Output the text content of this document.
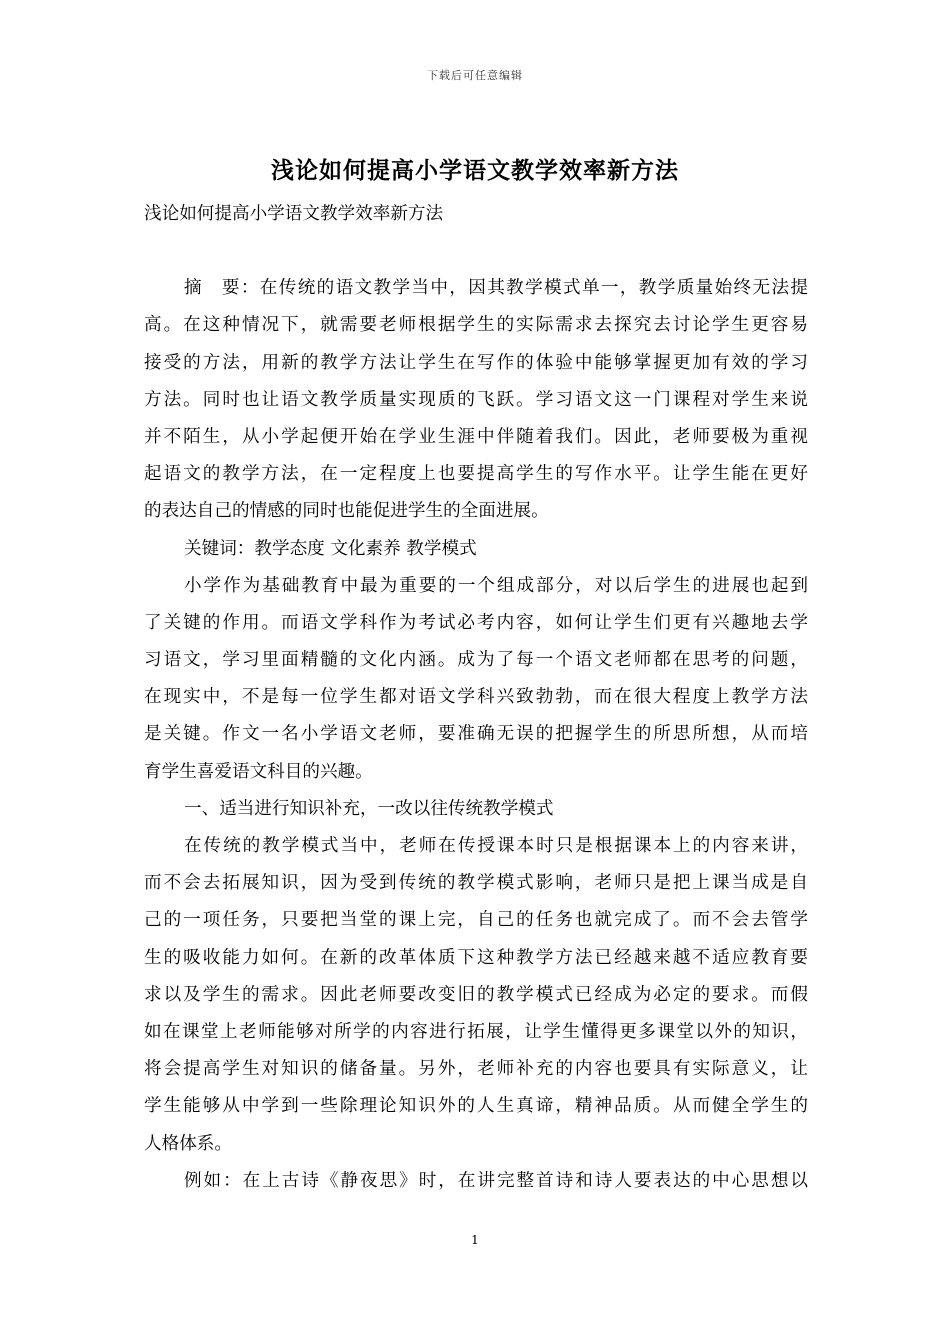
下载后可任意编辑
浅论如何提高小学语文教学效率新方法
浅论如何提高小学语文教学效率新方法
摘　要：在传统的语文教学当中，因其教学模式单一，教学质量始终无法提
高。在这种情况下，就需要老师根据学生的实际需求去探究去讨论学生更容易
接受的方法，用新的教学方法让学生在写作的体验中能够掌握更加有效的学习
方法。同时也让语文教学质量实现质的飞跃。学习语文这一门课程对学生来说
并不陌生，从小学起便开始在学业生涯中伴随着我们。因此，老师要极为重视
起语文的教学方法，在一定程度上也要提高学生的写作水平。让学生能在更好
的表达自己的情感的同时也能促进学生的全面进展。
关键词：教学态度 文化素养 教学模式
小学作为基础教育中最为重要的一个组成部分，对以后学生的进展也起到
了关键的作用。而语文学科作为考试必考内容，如何让学生们更有兴趣地去学
习语文，学习里面精髓的文化内涵。成为了每一个语文老师都在思考的问题，
在现实中，不是每一位学生都对语文学科兴致勃勃，而在很大程度上教学方法
是关键。作文一名小学语文老师，要准确无误的把握学生的所思所想，从而培
育学生喜爱语文科目的兴趣。
一、适当进行知识补充，一改以往传统教学模式
在传统的教学模式当中，老师在传授课本时只是根据课本上的内容来讲，
而不会去拓展知识，因为受到传统的教学模式影响，老师只是把上课当成是自
己的一项任务，只要把当堂的课上完，自己的任务也就完成了。而不会去管学
生的吸收能力如何。在新的改革体质下这种教学方法已经越来越不适应教育要
求以及学生的需求。因此老师要改变旧的教学模式已经成为必定的要求。而假
如在课堂上老师能够对所学的内容进行拓展，让学生懂得更多课堂以外的知识，
将会提高学生对知识的储备量。另外，老师补充的内容也要具有实际意义，让
学生能够从中学到一些除理论知识外的人生真谛，精神品质。从而健全学生的
人格体系。
例如：在上古诗《静夜思》时，在讲完整首诗和诗人要表达的中心思想以
1
